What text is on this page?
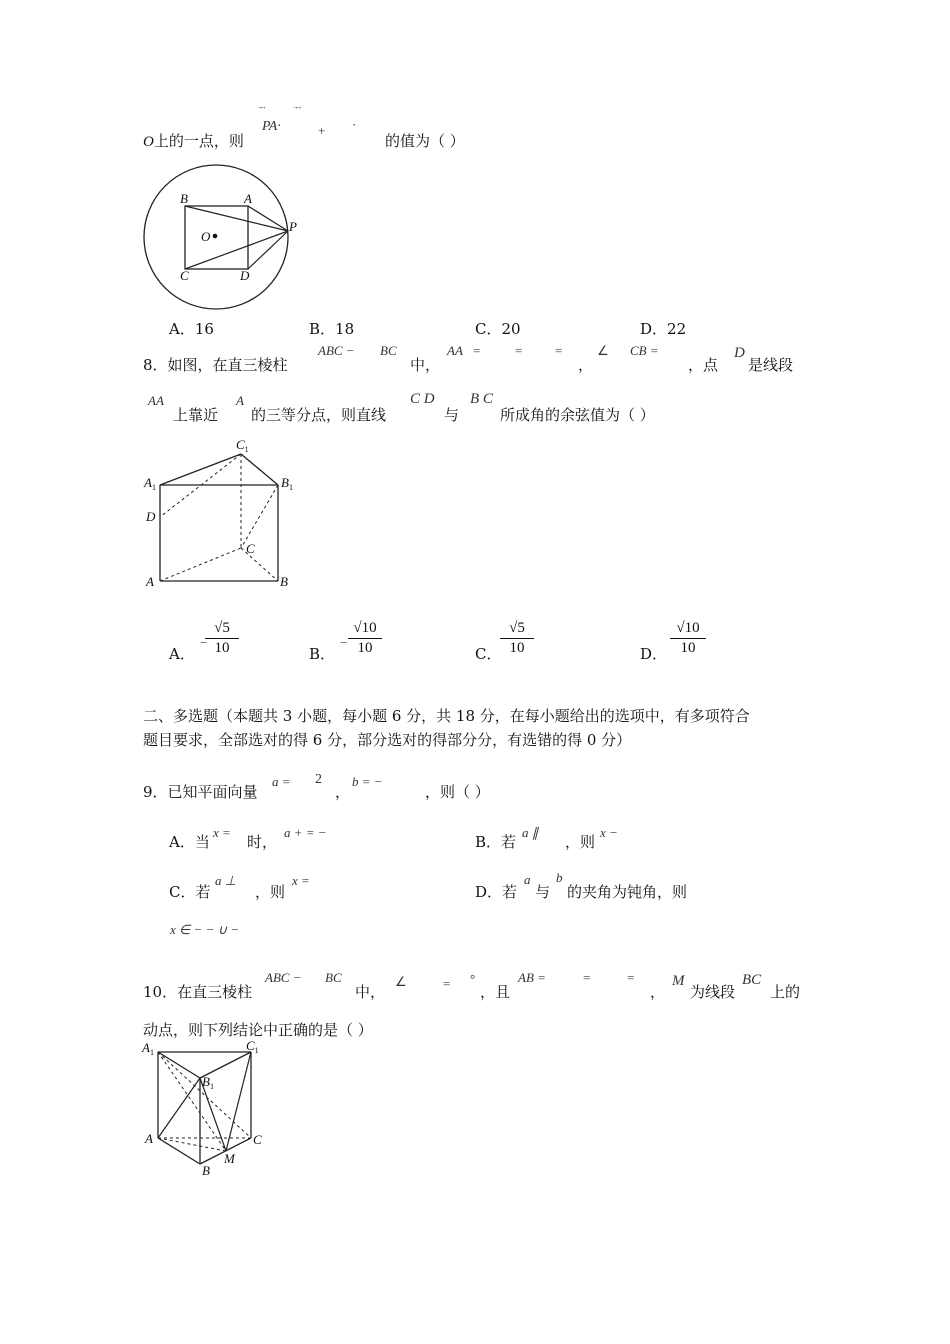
PA·	+ ·
⃗⃗⃗ ⃗⃗⃗         ⃗⃗⃗ ⃗⃗⃗
O上的一点，则	的值为（ ）
B	A
O
P
C	D
A．16	B．18	C．20	D．22
8．如图，在直三棱柱
ABC − BC
中，
AA =	=	=
，
∠ CB =
，点
D
是线段
AA
上靠近
A
的三等分点，则直线
C D
与
B C
所成角的余弦值为（ ）
$C_1$
$A_1$	$B_1$
D
C
A	B
A．
−
$\frac{√5}{10}$	B．
− $\frac{√10}{10}$	C．
$\frac{√5}{10}$	D． $\frac{√10}{10}$
二、多选题（本题共 3 小题，每小题 6 分，共 18 分，在每小题给出的选项中，有多项符合
题目要求，全部选对的得 6 分，部分选对的得部分分，有选错的得 0 分）
9．已知平面向量
a = 2
，
b = −
，则（ ）
A．当
x =
时，
a + = −
B．若
a ∥
，则
x −
C．若
a ⊥
，则
x =
D．若
a
与
b
的夹角为钝角，则
x ∈ − − ∪ −
10．在直三棱柱
ABC − BC
中，
∠	= °
，且
AB =	=	=
，
M
为线段
BC
上的
动点，则下列结论中正确的是（ ）
$A_1$	$C_1$
$B_1$
A	C
M
B
